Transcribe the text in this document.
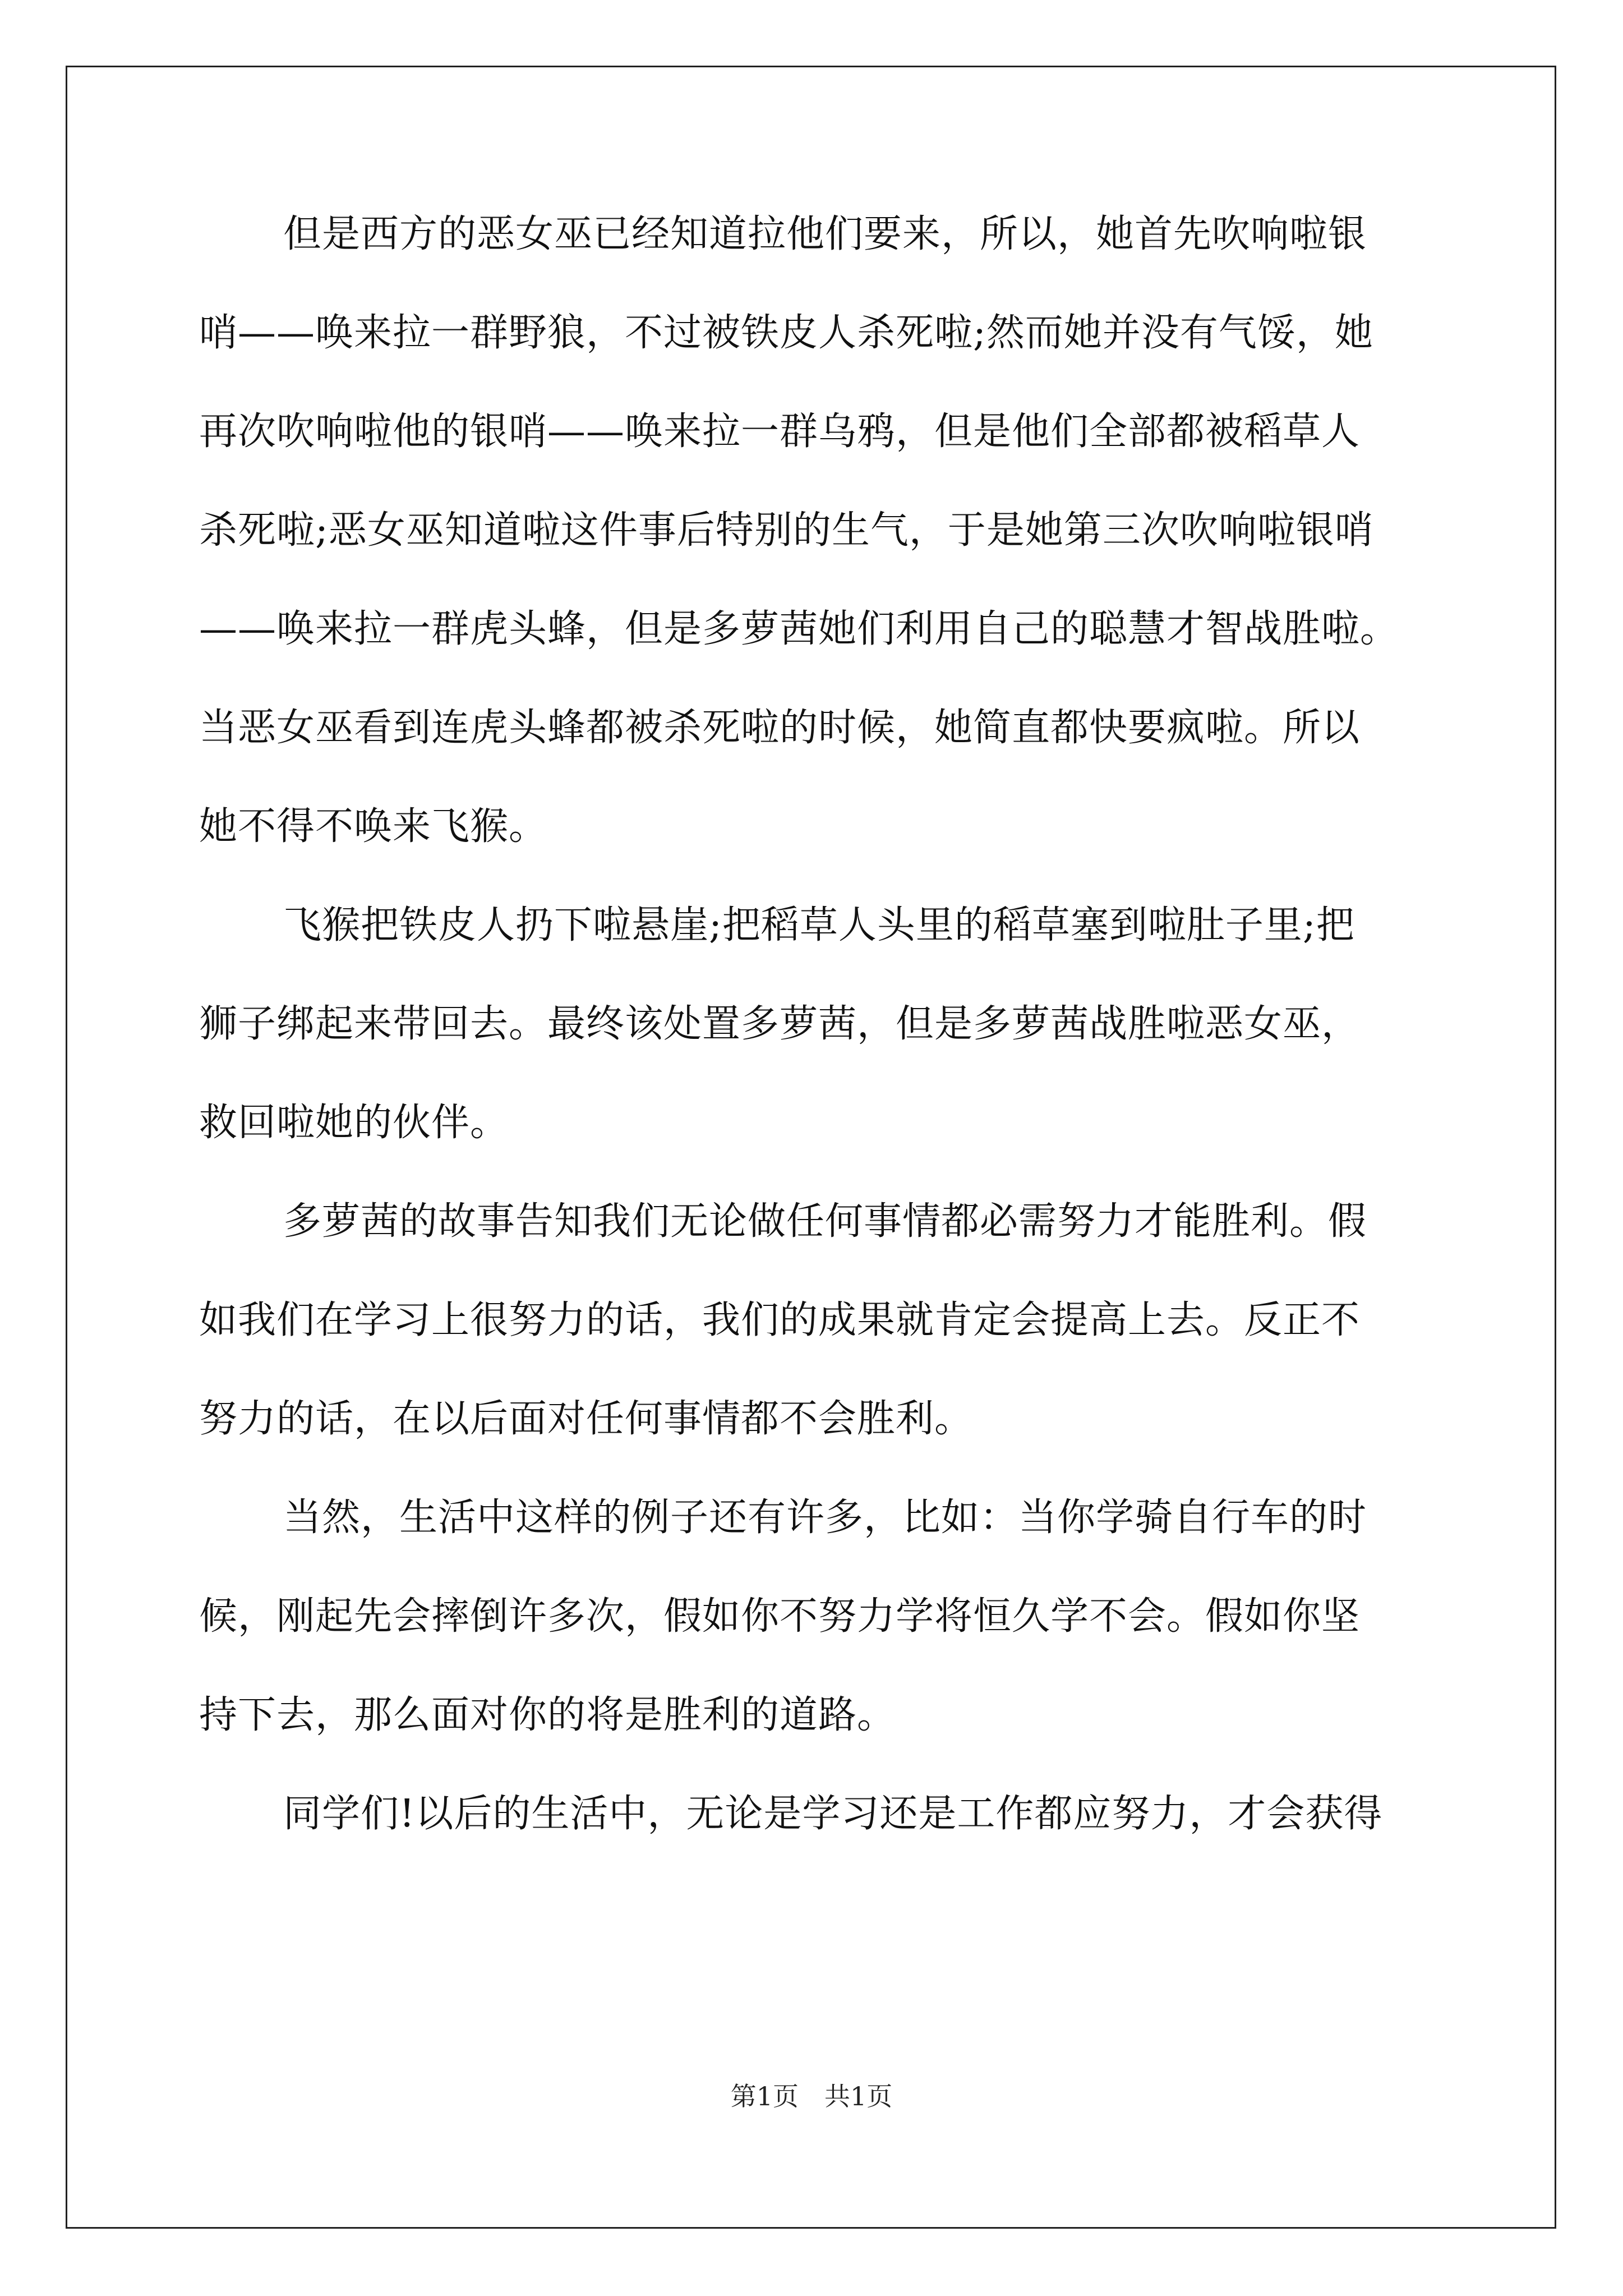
但是西方的恶女巫已经知道拉他们要来，所以，她首先吹响啦银
哨——唤来拉一群野狼，不过被铁皮人杀死啦;然而她并没有气馁，她
再次吹响啦他的银哨——唤来拉一群乌鸦，但是他们全部都被稻草人
杀死啦;恶女巫知道啦这件事后特别的生气，于是她第三次吹响啦银哨
——唤来拉一群虎头蜂，但是多萝茜她们利用自己的聪慧才智战胜啦。
当恶女巫看到连虎头蜂都被杀死啦的时候，她简直都快要疯啦。所以
她不得不唤来飞猴。
飞猴把铁皮人扔下啦悬崖;把稻草人头里的稻草塞到啦肚子里;把
狮子绑起来带回去。最终该处置多萝茜，但是多萝茜战胜啦恶女巫，
救回啦她的伙伴。
多萝茜的故事告知我们无论做任何事情都必需努力才能胜利。假
如我们在学习上很努力的话，我们的成果就肯定会提高上去。反正不
努力的话，在以后面对任何事情都不会胜利。
当然，生活中这样的例子还有许多，比如：当你学骑自行车的时
候，刚起先会摔倒许多次，假如你不努力学将恒久学不会。假如你坚
持下去，那么面对你的将是胜利的道路。
同学们!以后的生活中，无论是学习还是工作都应努力，才会获得
第1页　共1页
